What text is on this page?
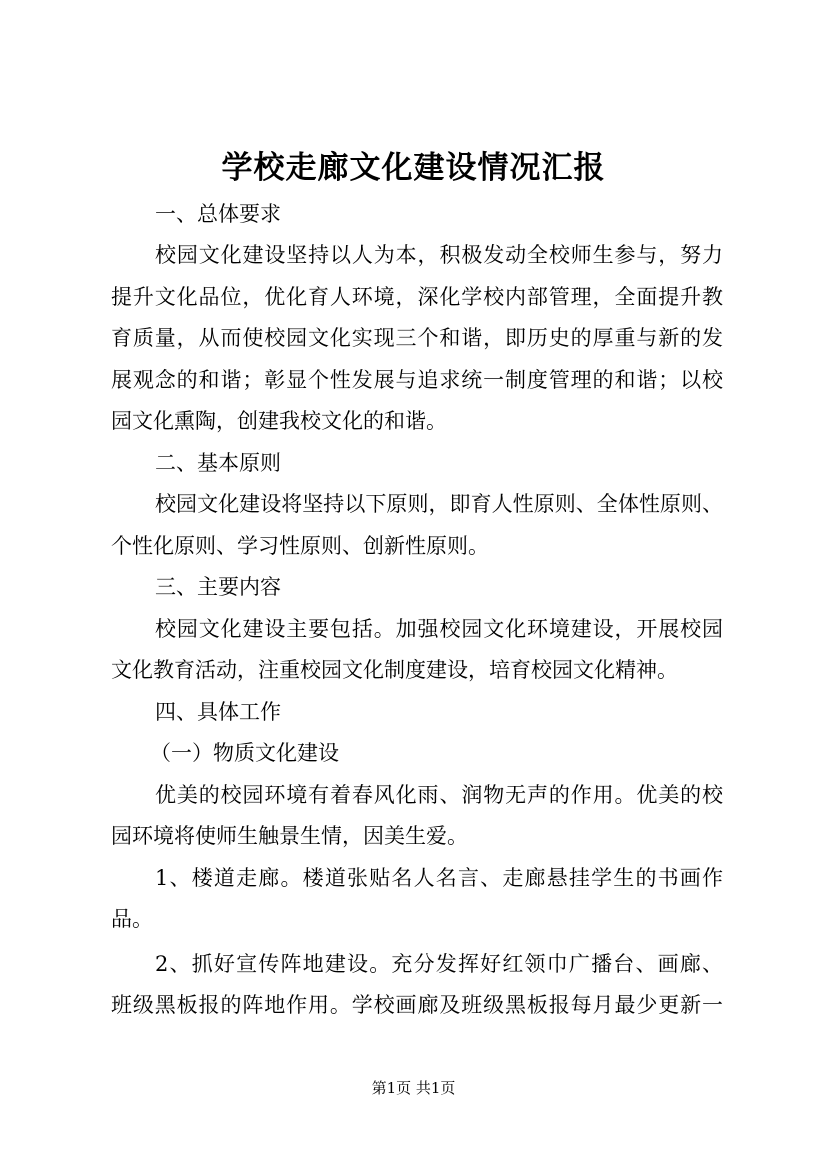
学校走廊文化建设情况汇报
一、总体要求
校园文化建设坚持以人为本，积极发动全校师生参与，努力
提升文化品位，优化育人环境，深化学校内部管理，全面提升教
育质量，从而使校园文化实现三个和谐，即历史的厚重与新的发
展观念的和谐；彰显个性发展与追求统一制度管理的和谐；以校
园文化熏陶，创建我校文化的和谐。
二、基本原则
校园文化建设将坚持以下原则，即育人性原则、全体性原则、
个性化原则、学习性原则、创新性原则。
三、主要内容
校园文化建设主要包括。加强校园文化环境建设，开展校园
文化教育活动，注重校园文化制度建设，培育校园文化精神。
四、具体工作
（一）物质文化建设
优美的校园环境有着春风化雨、润物无声的作用。优美的校
园环境将使师生触景生情，因美生爱。
1、楼道走廊。楼道张贴名人名言、走廊悬挂学生的书画作
品。
2、抓好宣传阵地建设。充分发挥好红领巾广播台、画廊、
班级黑板报的阵地作用。学校画廊及班级黑板报每月最少更新一
第1页 共1页
